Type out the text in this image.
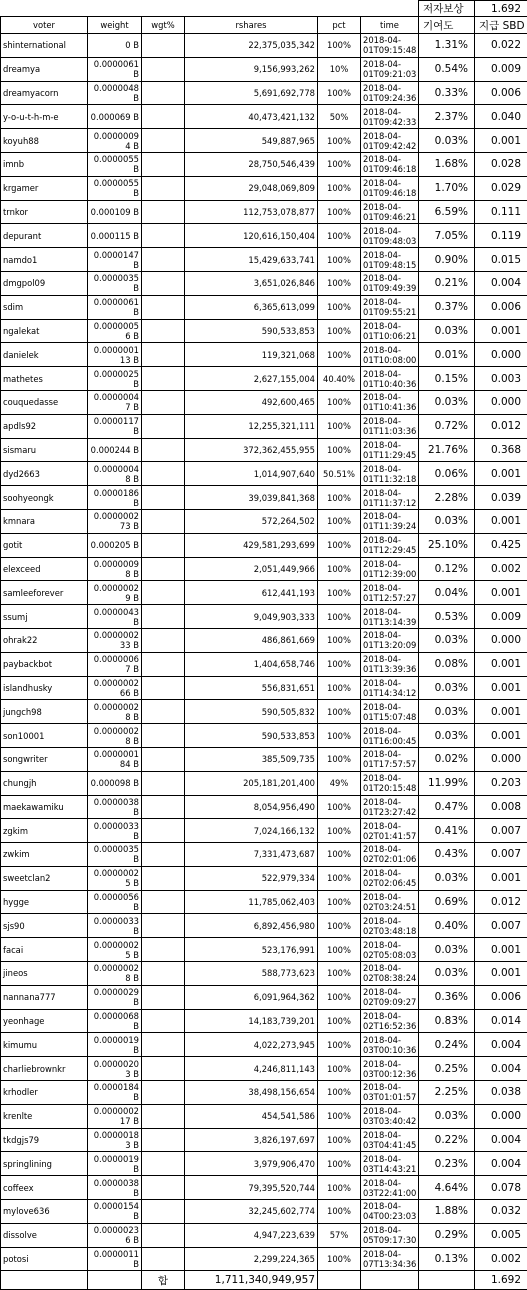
						저자보상	1.692
voter	weight	wgt%	rshares	pct	time	기여도	지급 SBD
shinternational	0 B		22,375,035,342	100%	2018-04-01T09:15:48	1.31%	0.022
dreamya	0.0000061 B		9,156,993,262	10%	2018-04-01T09:21:03	0.54%	0.009
dreamyacorn	0.0000048 B		5,691,692,778	100%	2018-04-01T09:24:36	0.33%	0.006
y-o-u-t-h-m-e	0.000069 B		40,473,421,132	50%	2018-04-01T09:42:33	2.37%	0.040
koyuh88	0.00000094 B		549,887,965	100%	2018-04-01T09:42:42	0.03%	0.001
imnb	0.0000055 B		28,750,546,439	100%	2018-04-01T09:46:18	1.68%	0.028
krgamer	0.0000055 B		29,048,069,809	100%	2018-04-01T09:46:18	1.70%	0.029
trnkor	0.000109 B		112,753,078,877	100%	2018-04-01T09:46:21	6.59%	0.111
depurant	0.000115 B		120,616,150,404	100%	2018-04-01T09:48:03	7.05%	0.119
namdo1	0.0000147 B		15,429,633,741	100%	2018-04-01T09:48:15	0.90%	0.015
dmgpol09	0.0000035 B		3,651,026,846	100%	2018-04-01T09:49:39	0.21%	0.004
sdim	0.0000061 B		6,365,613,099	100%	2018-04-01T09:55:21	0.37%	0.006
ngalekat	0.00000056 B		590,533,853	100%	2018-04-01T10:06:21	0.03%	0.001
danielek	0.000000113 B		119,321,068	100%	2018-04-01T10:08:00	0.01%	0.000
mathetes	0.0000025 B		2,627,155,004	40.40%	2018-04-01T10:40:36	0.15%	0.003
couquedasse	0.00000047 B		492,600,465	100%	2018-04-01T10:41:36	0.03%	0.000
apdls92	0.0000117 B		12,255,321,111	100%	2018-04-01T11:03:36	0.72%	0.012
sismaru	0.000244 B		372,362,455,955	100%	2018-04-01T11:29:45	21.76%	0.368
dyd2663	0.00000048 B		1,014,907,640	50.51%	2018-04-01T11:32:18	0.06%	0.001
soohyeongk	0.0000186 B		39,039,841,368	100%	2018-04-01T11:37:12	2.28%	0.039
kmnara	0.000000273 B		572,264,502	100%	2018-04-01T11:39:24	0.03%	0.001
gotit	0.000205 B		429,581,293,699	100%	2018-04-01T12:29:45	25.10%	0.425
elexceed	0.00000098 B		2,051,449,966	100%	2018-04-01T12:39:00	0.12%	0.002
samleeforever	0.00000029 B		612,441,193	100%	2018-04-01T12:57:27	0.04%	0.001
ssumj	0.0000043 B		9,049,903,333	100%	2018-04-01T13:14:39	0.53%	0.009
ohrak22	0.000000233 B		486,861,669	100%	2018-04-01T13:20:09	0.03%	0.000
paybackbot	0.00000067 B		1,404,658,746	100%	2018-04-01T13:39:36	0.08%	0.001
islandhusky	0.000000266 B		556,831,651	100%	2018-04-01T14:34:12	0.03%	0.001
jungch98	0.00000028 B		590,505,832	100%	2018-04-01T15:07:48	0.03%	0.001
son10001	0.00000028 B		590,533,853	100%	2018-04-01T16:00:45	0.03%	0.001
songwriter	0.000000184 B		385,509,735	100%	2018-04-01T17:57:57	0.02%	0.000
chungjh	0.000098 B		205,181,201,400	49%	2018-04-01T20:15:48	11.99%	0.203
maekawamiku	0.0000038 B		8,054,956,490	100%	2018-04-01T23:27:42	0.47%	0.008
zgkim	0.0000033 B		7,024,166,132	100%	2018-04-02T01:41:57	0.41%	0.007
zwkim	0.0000035 B		7,331,473,687	100%	2018-04-02T02:01:06	0.43%	0.007
sweetclan2	0.00000025 B		522,979,334	100%	2018-04-02T02:06:45	0.03%	0.001
hygge	0.0000056 B		11,785,062,403	100%	2018-04-02T03:24:51	0.69%	0.012
sjs90	0.0000033 B		6,892,456,980	100%	2018-04-02T03:48:18	0.40%	0.007
facai	0.00000025 B		523,176,991	100%	2018-04-02T05:08:03	0.03%	0.001
jineos	0.00000028 B		588,773,623	100%	2018-04-02T08:38:24	0.03%	0.001
nannana777	0.0000029 B		6,091,964,362	100%	2018-04-02T09:09:27	0.36%	0.006
yeonhage	0.0000068 B		14,183,739,201	100%	2018-04-02T16:52:36	0.83%	0.014
kimumu	0.0000019 B		4,022,273,945	100%	2018-04-03T00:10:36	0.24%	0.004
charliebrownkr	0.00000203 B		4,246,811,143	100%	2018-04-03T00:12:36	0.25%	0.004
krhodler	0.0000184 B		38,498,156,654	100%	2018-04-03T01:01:57	2.25%	0.038
krenlte	0.000000217 B		454,541,586	100%	2018-04-03T03:40:42	0.03%	0.000
tkdgjs79	0.00000183 B		3,826,197,697	100%	2018-04-03T04:41:45	0.22%	0.004
springlining	0.0000019 B		3,979,906,470	100%	2018-04-03T14:43:21	0.23%	0.004
coffeex	0.0000038 B		79,395,520,744	100%	2018-04-03T22:41:00	4.64%	0.078
mylove636	0.0000154 B		32,245,602,774	100%	2018-04-04T00:23:03	1.88%	0.032
dissolve	0.00000236 B		4,947,223,639	57%	2018-04-05T09:17:30	0.29%	0.005
potosi	0.0000011 B		2,299,224,365	100%	2018-04-07T13:34:36	0.13%	0.002
		합	1,711,340,949,957				1.692
